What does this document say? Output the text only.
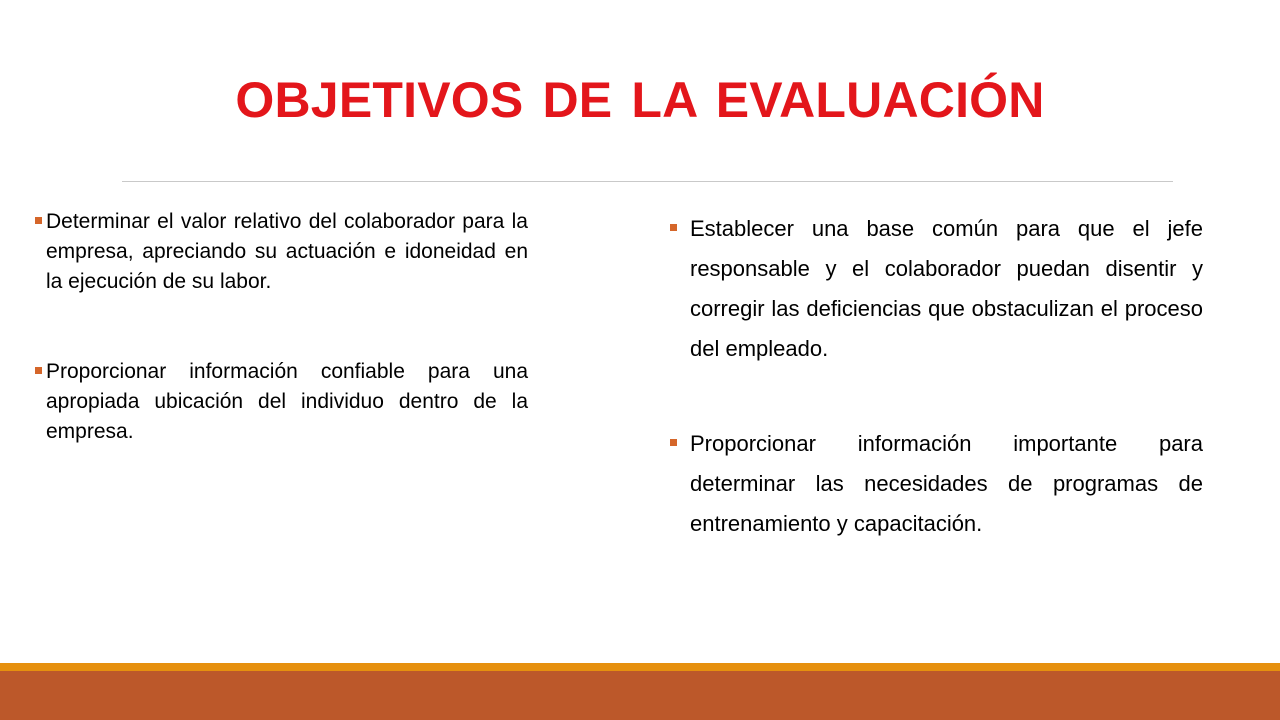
OBJETIVOS DE LA EVALUACIÓN
Determinar el valor relativo del colaborador para la empresa, apreciando su actuación e idoneidad en la ejecución de su labor.
Proporcionar información confiable para una apropiada ubicación del individuo dentro de la empresa.
Establecer una base común para que el jefe responsable y el colaborador puedan disentir y corregir las deficiencias que obstaculizan el proceso del empleado.
Proporcionar información importante para determinar las necesidades de programas de entrenamiento y capacitación.
